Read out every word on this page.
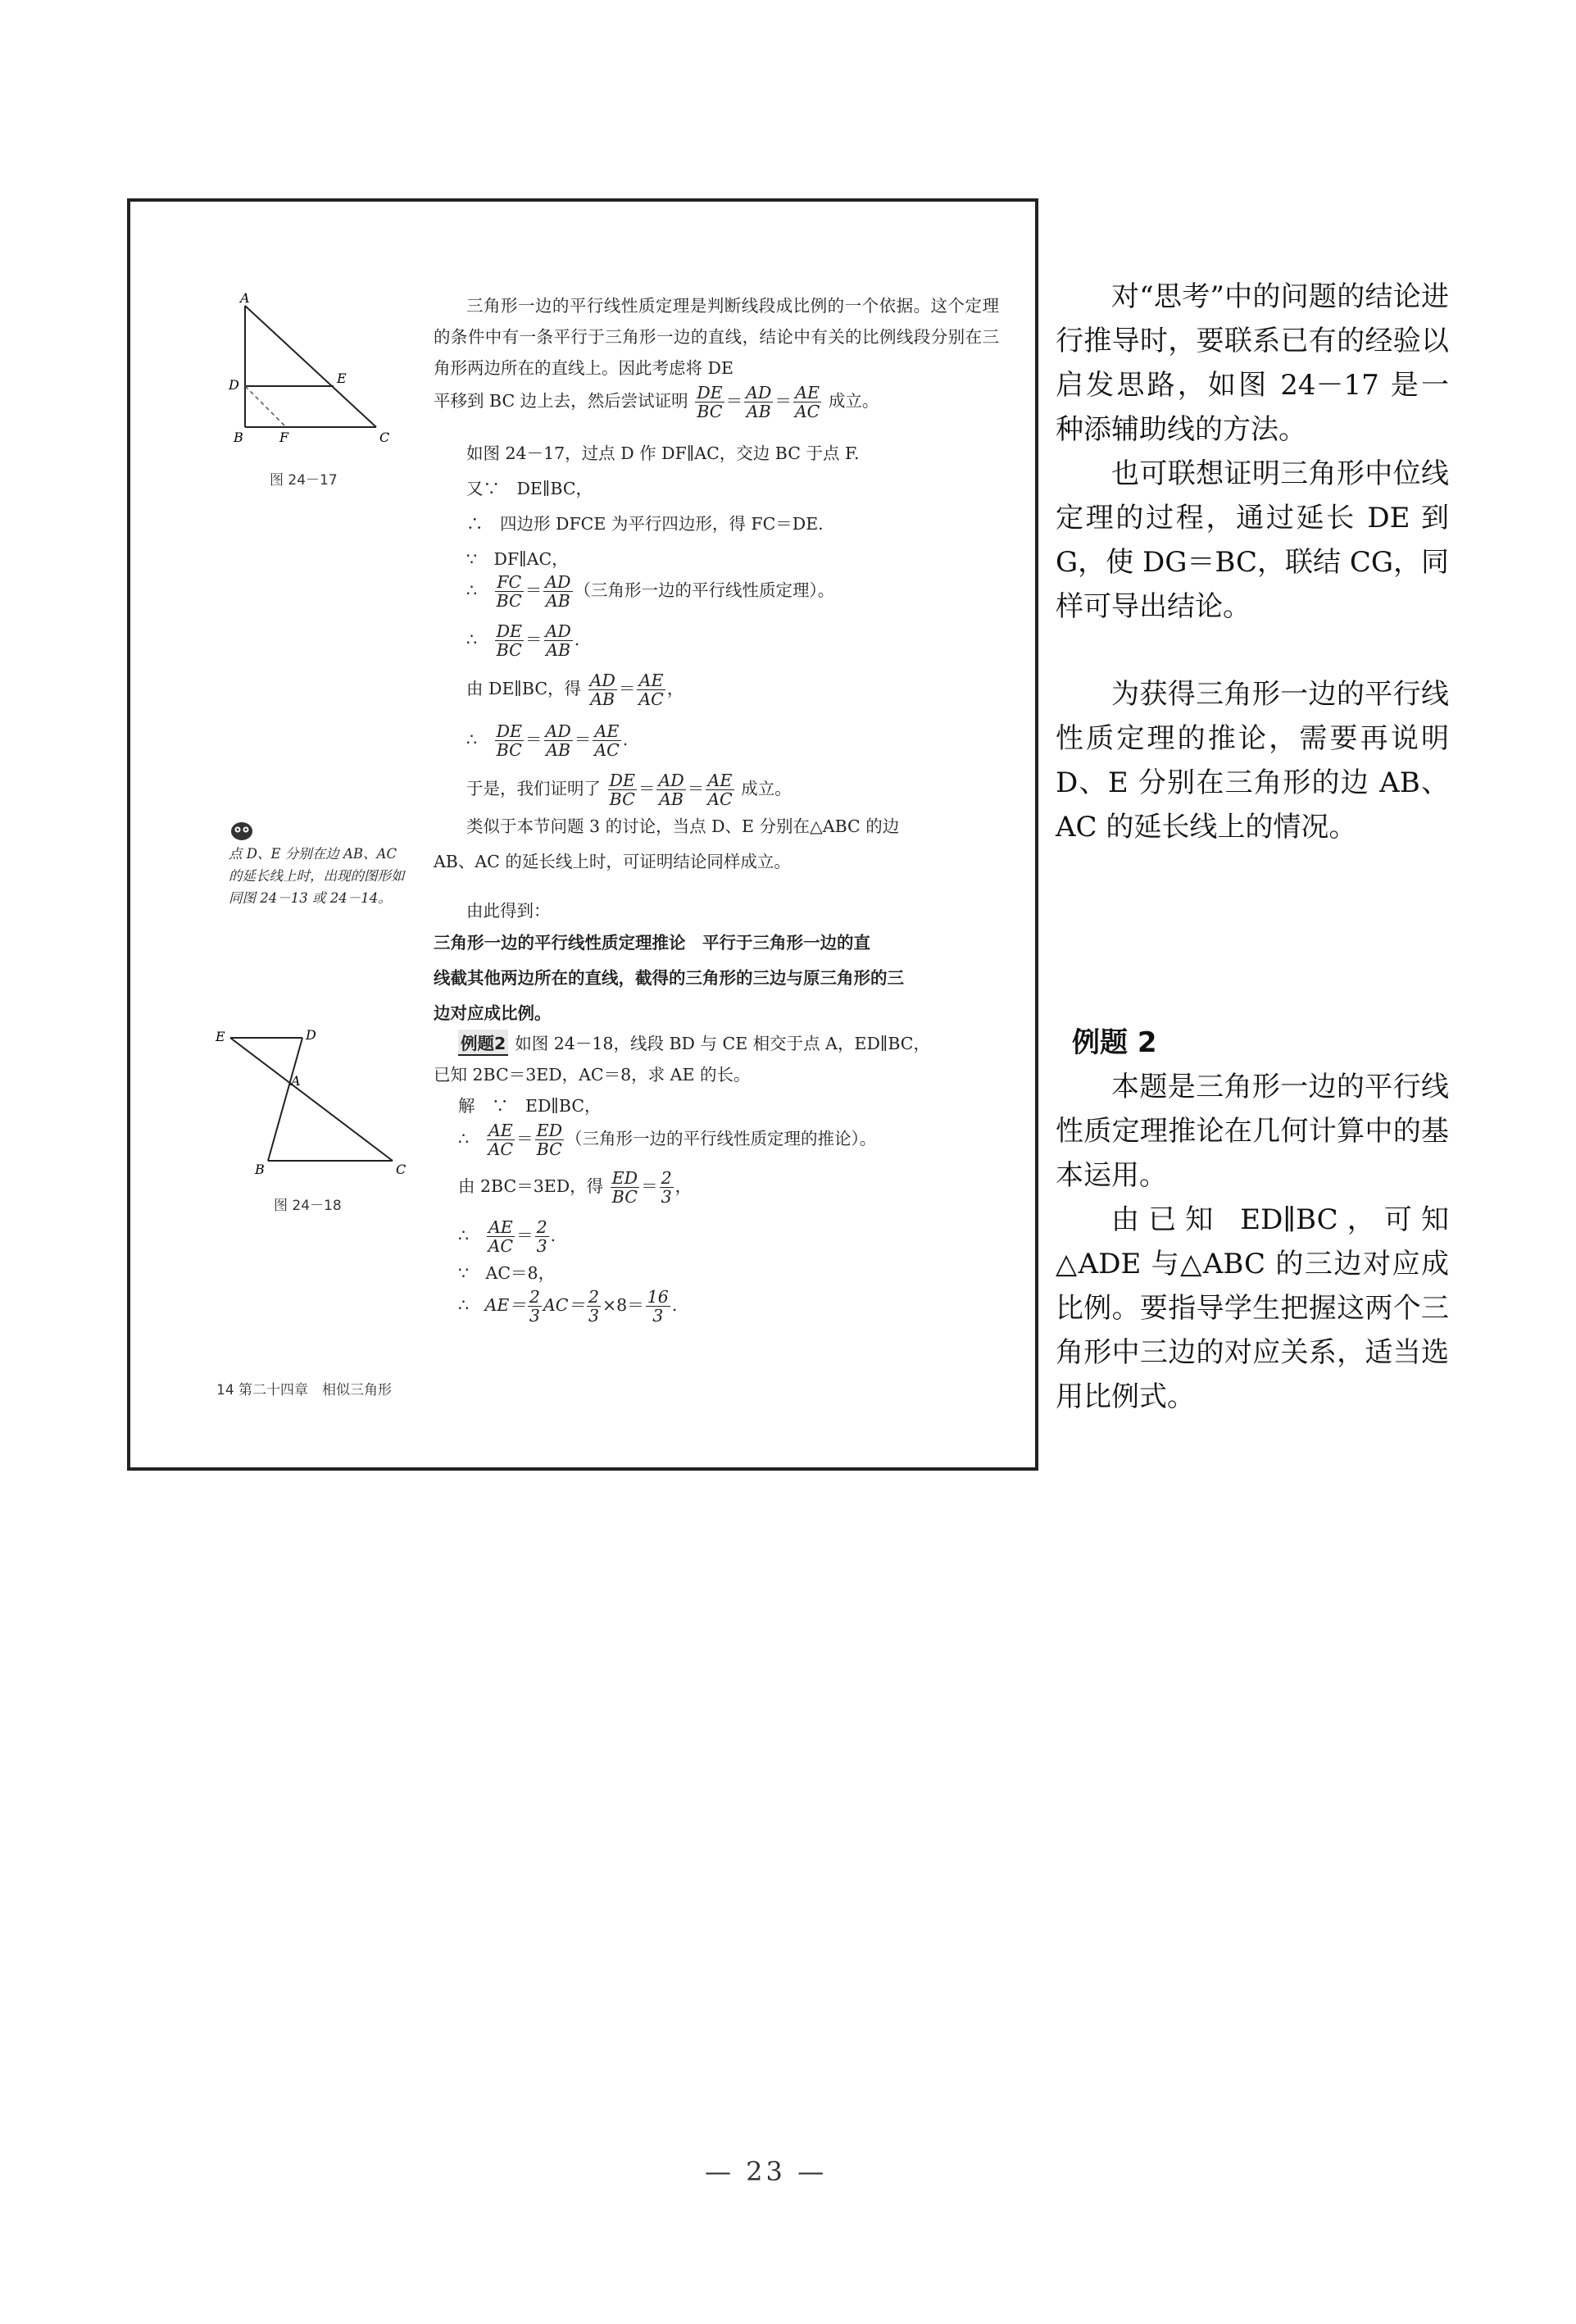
A
D	E
B	F	C
图 24－17
三角形一边的平行线性质定理是判断线段成比例的一个依据。这个定理的条件中有一条平行于三角形一边的直线，结论中有关的比例线段分别在三角形两边所在的直线上。因此考虑将 DE
平移到 BC 边上去，然后尝试证明 $\frac{DE}{BC} = \frac{AD}{AB} = \frac{AE}{AC}$ 成立。
如图 24－17，过点 D 作 DF∥AC，交边 BC 于点 F.
又∵　DE∥BC，
∴　四边形 DFCE 为平行四边形，得 FC＝DE.
∵　DF∥AC，
∴ $\frac{FC}{BC} = \frac{AD}{AB}$ （三角形一边的平行线性质定理）。
∴ $\frac{DE}{BC} = \frac{AD}{AB}$ .
由 DE∥BC，得 $\frac{AD}{AB} = \frac{AE}{AC}$ ，
∴ $\frac{DE}{BC} = \frac{AD}{AB} = \frac{AE}{AC}$ .
于是，我们证明了 $\frac{DE}{BC} = \frac{AD}{AB} = \frac{AE}{AC}$ 成立。
类似于本节问题 3 的讨论，当点 D、E 分别在△ABC 的边
AB、AC 的延长线上时，可证明结论同样成立。
点 D、E 分别在边 AB、AC 的延长线上时，出现的图形如同图 24－13 或 24－14。
由此得到：
三角形一边的平行线性质定理推论　平行于三角形一边的直
线截其他两边所在的直线，截得的三角形的三边与原三角形的三
边对应成比例。
E	D
A
B	C
图 24－18
例题2 如图 24－18，线段 BD 与 CE 相交于点 A，ED∥BC，
已知 2BC＝3ED，AC＝8，求 AE 的长。
解　∵　ED∥BC，
∴ $\frac{AE}{AC} = \frac{ED}{BC}$ （三角形一边的平行线性质定理的推论）。
由 2BC＝3ED，得 $\frac{ED}{BC} = \frac{2}{3}$ ，
∴ $\frac{AE}{AC} = \frac{2}{3}$ .
∵　AC＝8，
∴ $AE= \frac{2}{3} AC= \frac{2}{3} \times 8= \frac{16}{3}$ .
14 第二十四章　相似三角形

对“思考”中的问题的结论进行推导时，要联系已有的经验以启发思路，如图 24－17 是一种添辅助线的方法。

也可联想证明三角形中位线定理的过程，通过延长 DE 到 G，使 DG＝BC，联结 CG，同样可导出结论。

为获得三角形一边的平行线性质定理的推论，需要再说明 D、E 分别在三角形的边 AB、AC 的延长线上的情况。

例题 2

本题是三角形一边的平行线性质定理推论在几何计算中的基本运用。

由已知 ED∥BC，可知△ADE 与△ABC 的三边对应成比例。要指导学生把握这两个三角形中三边的对应关系，适当选用比例式。

— 23 —
